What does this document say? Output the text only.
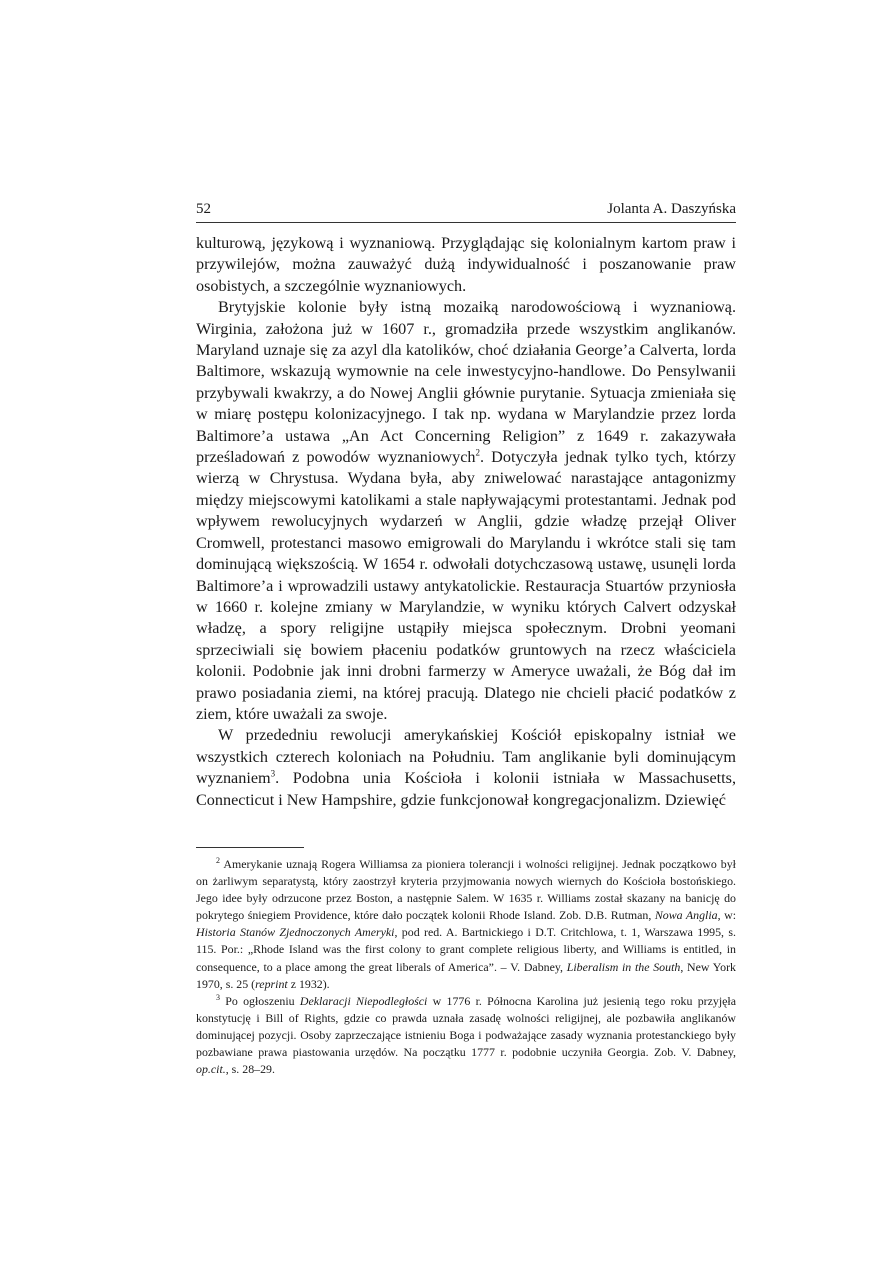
52	Jolanta A. Daszyńska

kulturową, językową i wyznaniową. Przyglądając się kolonialnym kartom praw i przywilejów, można zauważyć dużą indywidualność i poszanowanie praw osobistych, a szczególnie wyznaniowych.

Brytyjskie kolonie były istną mozaiką narodowościową i wyznaniową. Wirginia, założona już w 1607 r., gromadziła przede wszystkim anglikanów. Maryland uznaje się za azyl dla katolików, choć działania George’a Calverta, lorda Baltimore, wskazują wymownie na cele inwestycyjno-handlowe. Do Pensylwanii przybywali kwakrzy, a do Nowej Anglii głównie purytanie. Sytuacja zmieniała się w miarę postępu kolonizacyjnego. I tak np. wydana w Marylandzie przez lorda Baltimore’a ustawa „An Act Concerning Religion” z 1649 r. zakazywała prześladowań z powodów wyznaniowych$^2$. Dotyczyła jednak tylko tych, którzy wierzą w Chrystusa. Wydana była, aby zniwelować narastające antagonizmy między miejscowymi katolikami a stale napływającymi protestantami. Jednak pod wpływem rewolucyjnych wydarzeń w Anglii, gdzie władzę przejął Oliver Cromwell, protestanci masowo emigrowali do Marylandu i wkrótce stali się tam dominującą większością. W 1654 r. odwołali dotychczasową ustawę, usunęli lorda Baltimore’a i wprowadzili ustawy antykatolickie. Restauracja Stuartów przyniosła w 1660 r. kolejne zmiany w Marylandzie, w wyniku których Calvert odzyskał władzę, a spory religijne ustąpiły miejsca społecznym. Drobni yeomani sprzeciwiali się bowiem płaceniu podatków gruntowych na rzecz właściciela kolonii. Podobnie jak inni drobni farmerzy w Ameryce uważali, że Bóg dał im prawo posiadania ziemi, na której pracują. Dlatego nie chcieli płacić podatków z ziem, które uważali za swoje.

W przededniu rewolucji amerykańskiej Kościół episkopalny istniał we wszystkich czterech koloniach na Południu. Tam anglikanie byli dominującym wyznaniem$^3$. Podobna unia Kościoła i kolonii istniała w Massachusetts, Connecticut i New Hampshire, gdzie funkcjonował kongregacjonalizm. Dziewięć

$^2$ Amerykanie uznają Rogera Williamsa za pioniera tolerancji i wolności religijnej. Jednak początkowo był on żarliwym separatystą, który zaostrzył kryteria przyjmowania nowych wiernych do Kościoła bostońskiego. Jego idee były odrzucone przez Boston, a następnie Salem. W 1635 r. Williams został skazany na banicję do pokrytego śniegiem Providence, które dało początek kolonii Rhode Island. Zob. D.B. Rutman, Nowa Anglia, w: Historia Stanów Zjednoczonych Ameryki, pod red. A. Bartnickiego i D.T. Critchlowa, t. 1, Warszawa 1995, s. 115. Por.: „Rhode Island was the first colony to grant complete religious liberty, and Williams is entitled, in consequence, to a place among the great liberals of America”. – V. Dabney, Liberalism in the South, New York 1970, s. 25 (reprint z 1932).

$^3$ Po ogłoszeniu Deklaracji Niepodległości w 1776 r. Północna Karolina już jesienią tego roku przyjęła konstytucję i Bill of Rights, gdzie co prawda uznała zasadę wolności religijnej, ale pozbawiła anglikanów dominującej pozycji. Osoby zaprzeczające istnieniu Boga i podważające zasady wyznania protestanckiego były pozbawiane prawa piastowania urzędów. Na początku 1777 r. podobnie uczyniła Georgia. Zob. V. Dabney, op.cit., s. 28–29.
